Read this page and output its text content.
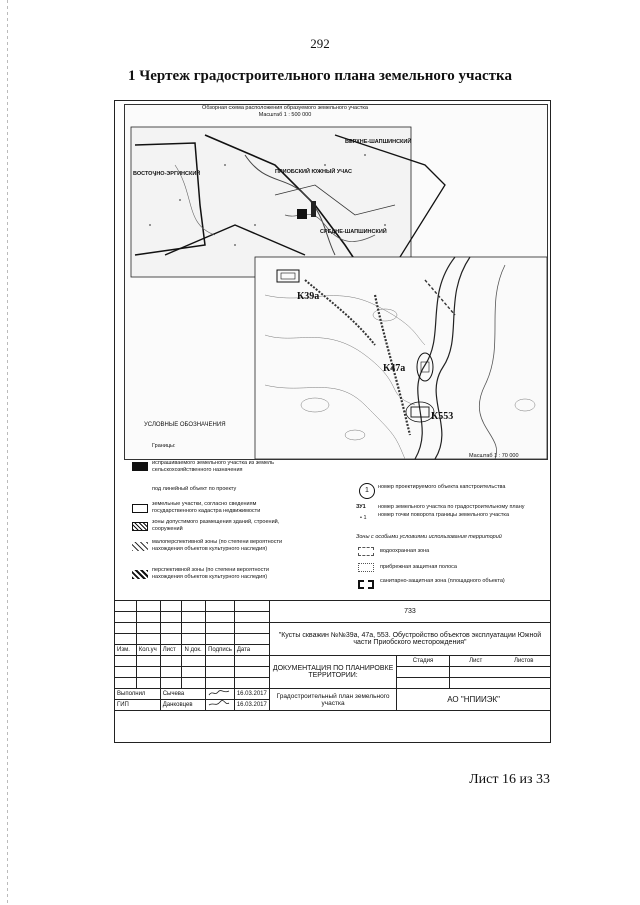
292
1 Чертеж градостроительного плана земельного участка
Обзорная схема расположения образуемого земельного участка
Масштаб 1 : 500 000
ВЕРХНЕ-ШАПШИНСКИЙ
ВОСТОЧНО-ЭРГИНСКИЙ	ПРИОБСКИЙ ЮЖНЫЙ УЧАС
СРЕДНЕ-ШАПШИНСКИЙ
К39а
К47а
К553
Масштаб 1 : 70 000
УСЛОВНЫЕ ОБОЗНАЧЕНИЯ
Границы:
испрашиваемого земельного участка из земель сельскохозяйственного назначения
под линейный объект по проекту
земельные участки, согласно сведениям государственного кадастра недвижимости
зоны допустимого размещения зданий, строений, сооружений
малоперспективной зоны (по степени вероятности нахождения объектов культурного наследия)
перспективной зоны (по степени вероятности нахождения объектов культурного наследия)
1	номер проектируемого объекта капстроительства
ЗУ1 номер земельного участка по градостроительному плану
• 1 номер точки поворота границы земельного участка
Зоны с особыми условиями использования территорий
водоохранная зона
прибрежная защитная полоса
санитарно-защитная зона (площадного объекта)
						733		

						"Кусты скважин №№39а, 47а, 553. Обустройство объектов эксплуатации Южной части Приобского месторождения"		

Изм.	Кол.уч	Лист	N док.	Подпись	Дата			
						ДОКУМЕНТАЦИЯ ПО ПЛАНИРОВКЕ ТЕРРИТОРИИ:	Стадия	Лист Листов

Выполнил		Сычева			16.03.2017	Градостроительный план земельного участка	АО "НПИИЭК"	
ГИП		Данковцев			16.03.2017			
Лист 16 из 33
